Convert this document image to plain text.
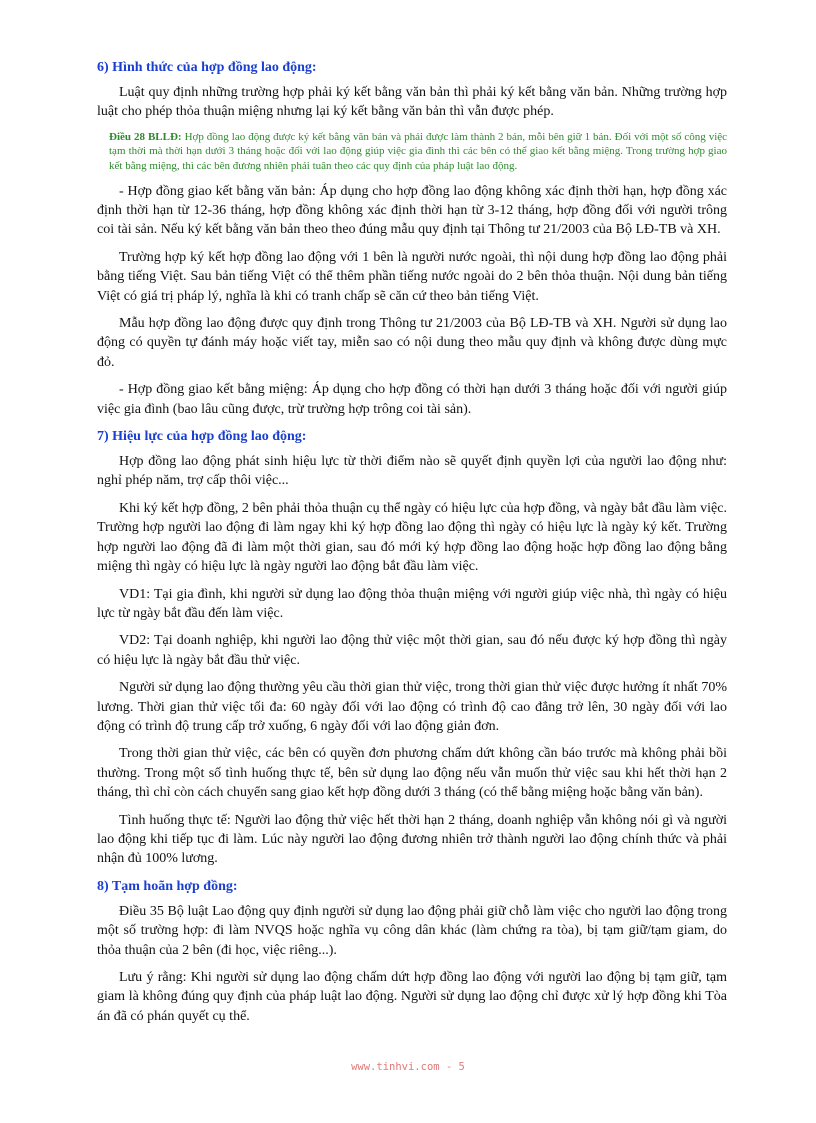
6) Hình thức của hợp đồng lao động:

Luật quy định những trường hợp phải ký kết bằng văn bản thì phải ký kết bằng văn bản. Những trường hợp luật cho phép thỏa thuận miệng nhưng lại ký kết bằng văn bản thì vẫn được phép.

Điều 28 BLLĐ: Hợp đồng lao động được ký kết bằng văn bản và phải được làm thành 2 bản, mỗi bên giữ 1 bản. Đối với một số công việc tạm thời mà thời hạn dưới 3 tháng hoặc đối với lao động giúp việc gia đình thì các bên có thể giao kết bằng miệng. Trong trường hợp giao kết bằng miệng, thì các bên đương nhiên phải tuân theo các quy định của pháp luật lao động.

- Hợp đồng giao kết bằng văn bản: Áp dụng cho hợp đồng lao động không xác định thời hạn, hợp đồng xác định thời hạn từ 12-36 tháng, hợp đồng không xác định thời hạn từ 3-12 tháng, hợp đồng đối với người trông coi tài sản. Nếu ký kết bằng văn bản theo theo đúng mẫu quy định tại Thông tư 21/2003 của Bộ LĐ-TB và XH.

Trường hợp ký kết hợp đồng lao động với 1 bên là người nước ngoài, thì nội dung hợp đồng lao động phải bằng tiếng Việt. Sau bản tiếng Việt có thể thêm phần tiếng nước ngoài do 2 bên thỏa thuận. Nội dung bản tiếng Việt có giá trị pháp lý, nghĩa là khi có tranh chấp sẽ căn cứ theo bản tiếng Việt.

Mẫu hợp đồng lao động được quy định trong Thông tư 21/2003 của Bộ LĐ-TB và XH. Người sử dụng lao động có quyền tự đánh máy hoặc viết tay, miễn sao có nội dung theo mẫu quy định và không được dùng mực đỏ.

- Hợp đồng giao kết bằng miệng: Áp dụng cho hợp đồng có thời hạn dưới 3 tháng hoặc đối với người giúp việc gia đình (bao lâu cũng được, trừ trường hợp trông coi tài sản).

7) Hiệu lực của hợp đồng lao động:

Hợp đồng lao động phát sinh hiệu lực từ thời điểm nào sẽ quyết định quyền lợi của người lao động như: nghỉ phép năm, trợ cấp thôi việc...

Khi ký kết hợp đồng, 2 bên phải thỏa thuận cụ thể ngày có hiệu lực của hợp đồng, và ngày bắt đầu làm việc. Trường hợp người lao động đi làm ngay khi ký hợp đồng lao động thì ngày có hiệu lực là ngày ký kết. Trường hợp người lao động đã đi làm một thời gian, sau đó mới ký hợp đồng lao động hoặc hợp đồng lao động bằng miệng thì ngày có hiệu lực là ngày người lao động bắt đầu làm việc.

VD1: Tại gia đình, khi người sử dụng lao động thỏa thuận miệng với người giúp việc nhà, thì ngày có hiệu lực từ ngày bắt đầu đến làm việc.

VD2: Tại doanh nghiệp, khi người lao động thử việc một thời gian, sau đó nếu được ký hợp đồng thì ngày có hiệu lực là ngày bắt đầu thử việc.

Người sử dụng lao động thường yêu cầu thời gian thử việc, trong thời gian thử việc được hưởng ít nhất 70% lương. Thời gian thử việc tối đa: 60 ngày đối với lao động có trình độ cao đẳng trở lên, 30 ngày đối với lao động có trình độ trung cấp trở xuống, 6 ngày đối với lao động giản đơn.

Trong thời gian thử việc, các bên có quyền đơn phương chấm dứt không cần báo trước mà không phải bồi thường. Trong một số tình huống thực tế, bên sử dụng lao động nếu vẫn muốn thử việc sau khi hết thời hạn 2 tháng, thì chỉ còn cách chuyển sang giao kết hợp đồng dưới 3 tháng (có thể bằng miệng hoặc bằng văn bản).

Tình huống thực tế: Người lao động thử việc hết thời hạn 2 tháng, doanh nghiệp vẫn không nói gì và người lao động khi tiếp tục đi làm. Lúc này người lao động đương nhiên trở thành người lao động chính thức và phải nhận đủ 100% lương.

8) Tạm hoãn hợp đồng:

Điều 35 Bộ luật Lao động quy định người sử dụng lao động phải giữ chỗ làm việc cho người lao động trong một số trường hợp: đi làm NVQS hoặc nghĩa vụ công dân khác (làm chứng ra tòa), bị tạm giữ/tạm giam, do thỏa thuận của 2 bên (đi học, việc riêng...).

Lưu ý rằng: Khi người sử dụng lao động chấm dứt hợp đồng lao động với người lao động bị tạm giữ, tạm giam là không đúng quy định của pháp luật lao động. Người sử dụng lao động chỉ được xử lý hợp đồng khi Tòa án đã có phán quyết cụ thể.

www.tinhvi.com - 5
